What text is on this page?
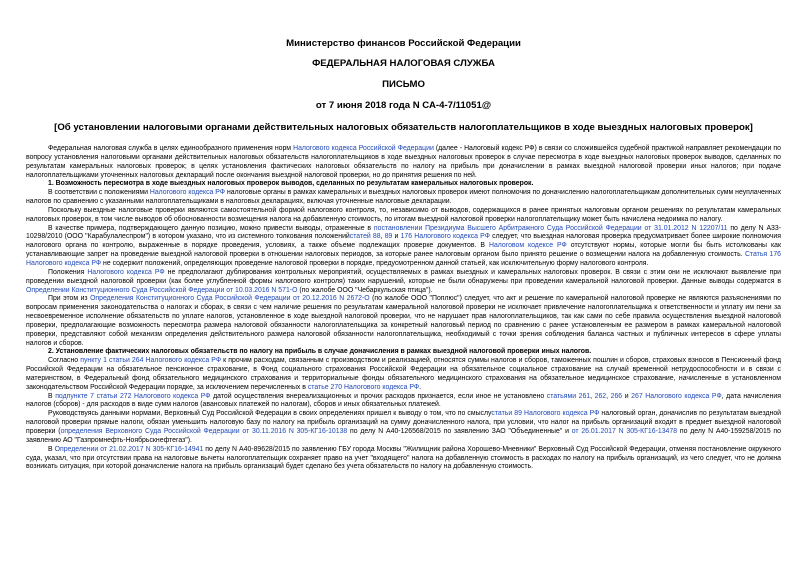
Министерство финансов Российской Федерации
ФЕДЕРАЛЬНАЯ НАЛОГОВАЯ СЛУЖБА
ПИСЬМО
от 7 июня 2018 года N СА-4-7/11051@
[Об установлении налоговыми органами действительных налоговых обязательств налогоплательщиков в ходе выездных налоговых проверок]

Федеральная налоговая служба в целях единообразного применения норм Налогового кодекса Российской Федерации (далее - Налоговый кодекс РФ) в связи со сложившейся судебной практикой направляет рекомендации по вопросу установления налоговыми органами действительных налоговых обязательств налогоплательщиков в ходе выездных налоговых проверок в случае пересмотра в ходе выездных налоговых проверок выводов, сделанных по результатам камеральных налоговых проверок; в целях установления фактических налоговых обязательств по налогу на прибыль при доначислении в рамках выездной налоговой проверки иных налогов; при подаче налогоплательщиками уточненных налоговых деклараций после окончания выездной налоговой проверки, но до принятия решения по ней.

1. Возможность пересмотра в ходе выездных налоговых проверок выводов, сделанных по результатам камеральных налоговых проверок.

В соответствии с положениями Налогового кодекса РФ налоговые органы в рамках камеральных и выездных налоговых проверок имеют полномочия по доначислению налогоплательщикам дополнительных сумм неуплаченных налогов по сравнению с указанными налогоплательщиками в налоговых декларациях, включая уточненные налоговые декларации.

Поскольку выездные налоговые проверки являются самостоятельной формой налогового контроля, то, независимо от выводов, содержащихся в ранее принятых налоговым органом решениях по результатам камеральных налоговых проверок, в том числе выводов об обоснованности возмещения налога на добавленную стоимость, по итогам выездной налоговой проверки налогоплательщику может быть начислена недоимка по налогу.

В качестве примера, подтверждающего данную позицию, можно привести выводы, отраженные в постановлении Президиума Высшего Арбитражного Суда Российской Федерации от 31.01.2012 N 12207/11 по делу N А33-10298/2010 (ООО "Карабулалеспром") в котором указано, что из системного толкования положенийстатей 88, 89 и 176 Налогового кодекса РФ следует, что выездная налоговая проверка предусматривает более широкие полномочия налогового органа по контролю, выраженные в порядке проведения, условиях, а также объеме подлежащих проверке документов. В Налоговом кодексе РФ отсутствуют нормы, которые могли бы быть истолкованы как устанавливающие запрет на проведение выездной налоговой проверки в отношении налоговых периодов, за которые ранее налоговым органом было принято решение о возмещении налога на добавленную стоимость. Статья 176 Налогового кодекса РФ не содержит положений, определяющих проведение налоговой проверки в порядке, предусмотренном данной статьей, как исключительную форму налогового контроля.

Положения Налогового кодекса РФ не предполагают дублирования контрольных мероприятий, осуществляемых в рамках выездных и камеральных налоговых проверок. В связи с этим они не исключают выявление при проведении выездной налоговой проверки (как более углубленной формы налогового контроля) таких нарушений, которые не были обнаружены при проведении камеральной налоговой проверки. Данные выводы содержатся в Определении Конституционного Суда Российской Федерации от 10.03.2016 N 571-О (по жалобе ООО "Чебаркульская птица").

При этом из Определения Конституционного Суда Российской Федерации от 20.12.2016 N 2672-О (по жалобе ООО "Поплюс") следует, что акт и решение по камеральной налоговой проверке не являются разъяснениями по вопросам применения законодательства о налогах и сборах, в связи с чем наличие решения по результатам камеральной налоговой проверки не исключает привлечение налогоплательщика к ответственности и уплату им пени за несвоевременное исполнение обязательств по уплате налогов, установленное в ходе выездной налоговой проверки, что не нарушает прав налогоплательщиков, так как сами по себе правила осуществления выездной налоговой проверки, предполагающие возможность пересмотра размера налоговой обязанности налогоплательщика за конкретный налоговый период по сравнению с ранее установленным ее размером в рамках камеральной налоговой проверки, представляют собой механизм определения действительного размера налоговой обязанности налогоплательщика, необходимый с точки зрения соблюдения баланса частных и публичных интересов в сфере уплаты налогов и сборов.

2. Установление фактических налоговых обязательств по налогу на прибыль в случае доначисления в рамках выездной налоговой проверки иных налогов.

Согласно пункту 1 статьи 264 Налогового кодекса РФ к прочим расходам, связанным с производством и реализацией, относятся суммы налогов и сборов, таможенных пошлин и сборов, страховых взносов в Пенсионный фонд Российской Федерации на обязательное пенсионное страхование, в Фонд социального страхования Российской Федерации на обязательное социальное страхование на случай временной нетрудоспособности и в связи с материнством, в Федеральный фонд обязательного медицинского страхования и территориальные фонды обязательного медицинского страхования на обязательное медицинское страхование, начисленные в установленном законодательством Российской Федерации порядке, за исключением перечисленных в статье 270 Налогового кодекса РФ.

В подпункте 7 статьи 272 Налогового кодекса РФ датой осуществления внереализационных и прочих расходов признается, если иное не установлено статьями 261, 262, 266 и 267 Налогового кодекса РФ, дата начисления налогов (сборов) - для расходов в виде сумм налогов (авансовых платежей по налогам), сборов и иных обязательных платежей.

Руководствуясь данными нормами, Верховный Суд Российской Федерации в своих определениях пришел к выводу о том, что по смыслустатьи 89 Налогового кодекса РФ налоговый орган, доначислив по результатам выездной налоговой проверки прямые налоги, обязан уменьшить налоговую базу по налогу на прибыль организаций на сумму доначисленного налога, при условии, что налог на прибыль организаций входит в предмет выездной налоговой проверки (определения Верховного Суда Российской Федерации от 30.11.2016 N 305-КГ16-10138 по делу N А40-126568/2015 по заявлению ЗАО "Объединенные" и от 26.01.2017 N 305-КГ16-13478 по делу N А40-159258/2015 по заявлению АО "Газпромнефть-Ноябрьскнефтегаз").

В Определении от 21.02.2017 N 305-КГ16-14941 по делу N А40-89628/2015 по заявлению ГБУ города Москвы "Жилищник района Хорошево-Мневники" Верховный Суд Российской Федерации, отменяя постановление окружного суда, указал, что при отсутствии права на налоговые вычеты налогоплательщик сохраняет право на учет "входящего" налога на добавленную стоимость в расходах по налогу на прибыль организаций, из чего следует, что не должна возникать ситуация, при которой доначисление налога на прибыль организаций будет сделано без учета обязательств по налогу на добавленную стоимость.
